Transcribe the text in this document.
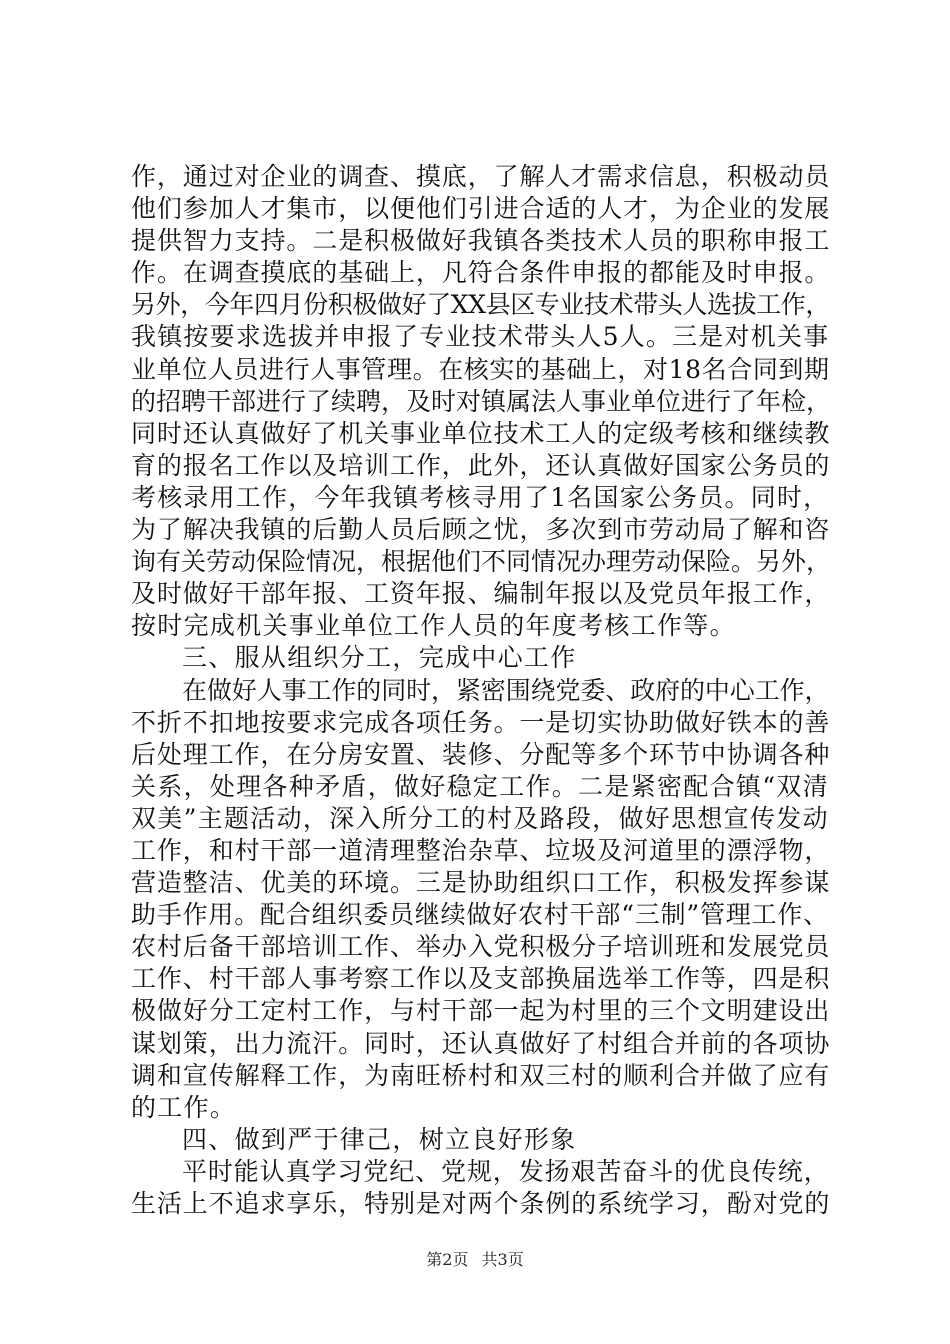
作，通过对企业的调查、摸底，了解人才需求信息，积极动员
他们参加人才集市，以便他们引进合适的人才，为企业的发展
提供智力支持。二是积极做好我镇各类技术人员的职称申报工
作。在调查摸底的基础上，凡符合条件申报的都能及时申报。
另外，今年四月份积极做好了XX县区专业技术带头人选拔工作，
我镇按要求选拔并申报了专业技术带头人5人。三是对机关事
业单位人员进行人事管理。在核实的基础上，对18名合同到期
的招聘干部进行了续聘，及时对镇属法人事业单位进行了年检，
同时还认真做好了机关事业单位技术工人的定级考核和继续教
育的报名工作以及培训工作，此外，还认真做好国家公务员的
考核录用工作，今年我镇考核寻用了1名国家公务员。同时，
为了解决我镇的后勤人员后顾之忧，多次到市劳动局了解和咨
询有关劳动保险情况，根据他们不同情况办理劳动保险。另外，
及时做好干部年报、工资年报、编制年报以及党员年报工作，
按时完成机关事业单位工作人员的年度考核工作等。
三、服从组织分工，完成中心工作
在做好人事工作的同时，紧密围绕党委、政府的中心工作，
不折不扣地按要求完成各项任务。一是切实协助做好铁本的善
后处理工作，在分房安置、装修、分配等多个环节中协调各种
关系，处理各种矛盾，做好稳定工作。二是紧密配合镇“双清
双美”主题活动，深入所分工的村及路段，做好思想宣传发动
工作，和村干部一道清理整治杂草、垃圾及河道里的漂浮物，
营造整洁、优美的环境。三是协助组织口工作，积极发挥参谋
助手作用。配合组织委员继续做好农村干部“三制”管理工作、
农村后备干部培训工作、举办入党积极分子培训班和发展党员
工作、村干部人事考察工作以及支部换届选举工作等，四是积
极做好分工定村工作，与村干部一起为村里的三个文明建设出
谋划策，出力流汗。同时，还认真做好了村组合并前的各项协
调和宣传解释工作，为南旺桥村和双三村的顺利合并做了应有
的工作。
四、做到严于律己，树立良好形象
平时能认真学习党纪、党规，发扬艰苦奋斗的优良传统，
生活上不追求享乐，特别是对两个条例的系统学习，酚对党的
第2页 共3页
